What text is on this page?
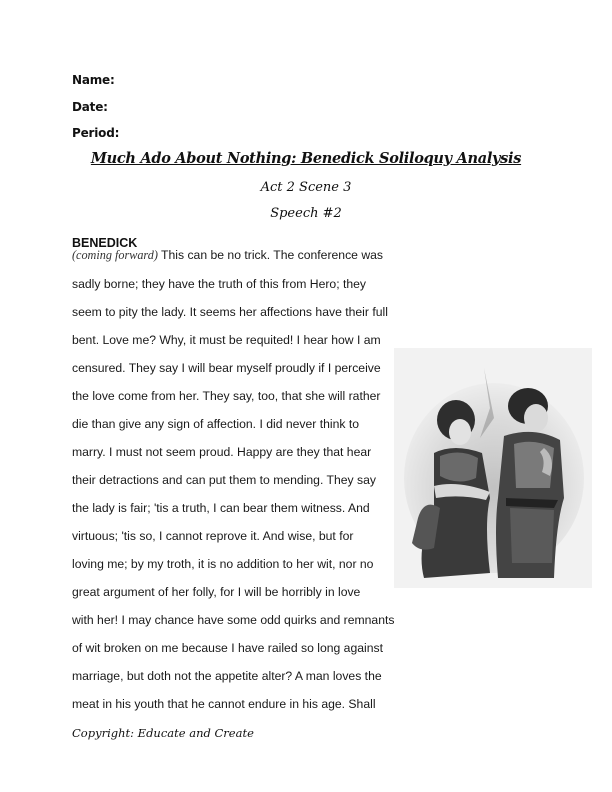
Name:
Date:
Period:
Much Ado About Nothing: Benedick Soliloquy Analysis
Act 2 Scene 3
Speech #2
BENEDICK
(coming forward) This can be no trick. The conference was
sadly borne; they have the truth of this from Hero; they
seem to pity the lady. It seems her affections have their full
bent. Love me? Why, it must be requited! I hear how I am
censured. They say I will bear myself proudly if I perceive
the love come from her. They say, too, that she will rather
die than give any sign of affection. I did never think to
marry. I must not seem proud. Happy are they that hear
their detractions and can put them to mending. They say
the lady is fair; 'tis a truth, I can bear them witness. And
virtuous; 'tis so, I cannot reprove it. And wise, but for
loving me; by my troth, it is no addition to her wit, nor no
great argument of her folly, for I will be horribly in love
with her! I may chance have some odd quirks and remnants
of wit broken on me because I have railed so long against
marriage, but doth not the appetite alter? A man loves the
meat in his youth that he cannot endure in his age. Shall
Copyright: Educate and Create
